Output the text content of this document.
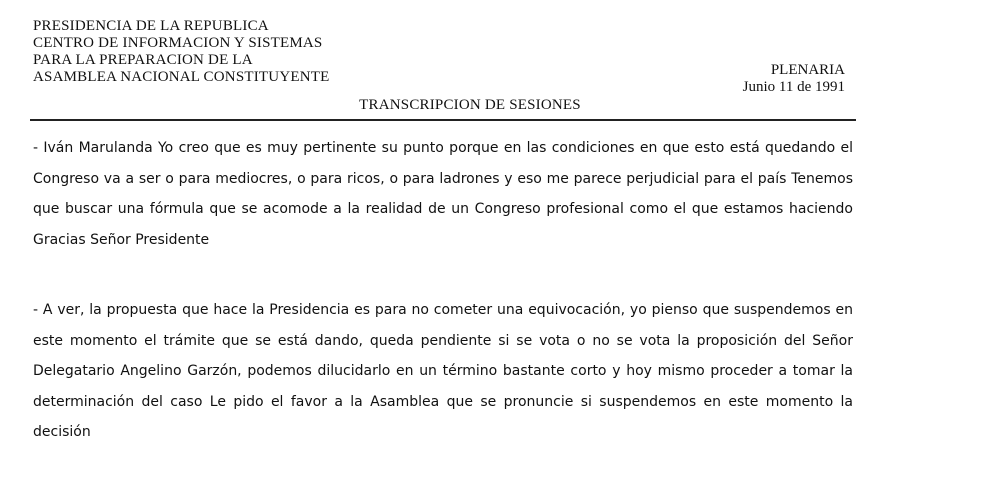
PRESIDENCIA DE LA REPUBLICA
CENTRO DE INFORMACION Y SISTEMAS
PARA LA PREPARACION DE LA
ASAMBLEA NACIONAL CONSTITUYENTE	PLENARIA
Junio 11 de 1991
TRANSCRIPCION DE SESIONES
- Iván Marulanda Yo creo que es muy pertinente su punto porque en las condiciones en que esto está quedando el Congreso va a ser o para mediocres, o para ricos, o para ladrones y eso me parece perjudicial para el país Tenemos que buscar una fórmula que se acomode a la realidad de un Congreso profesional como el que estamos haciendo Gracias Señor Presidente
- A ver, la propuesta que hace la Presidencia es para no cometer una equivocación, yo pienso que suspendemos en este momento el trámite que se está dando, queda pendiente si se vota o no se vota la proposición del Señor Delegatario Angelino Garzón, podemos dilucidarlo en un término bastante corto y hoy mismo proceder a tomar la determinación del caso Le pido el favor a la Asamblea que se pronuncie si suspendemos en este momento la decisión
